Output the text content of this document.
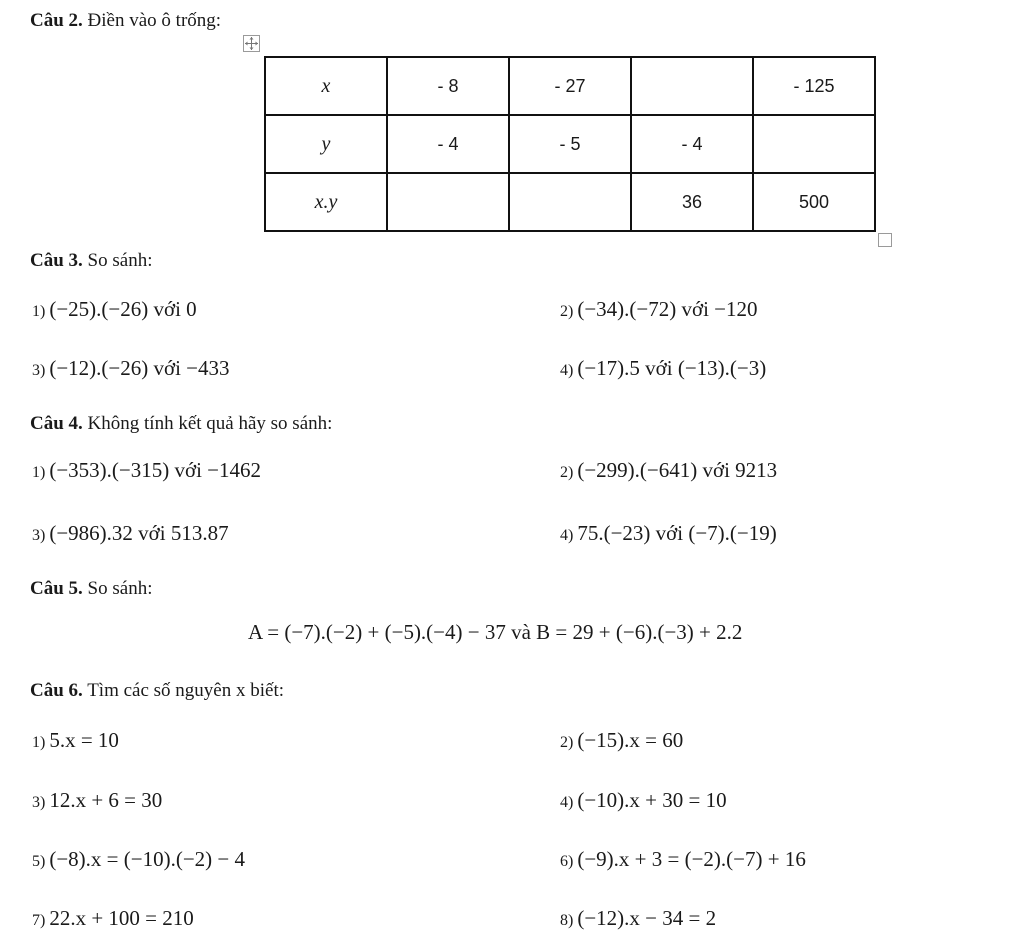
Câu 2. Điền vào ô trống:
x	- 8	- 27		- 125
y	- 4	- 5	- 4	
x.y			36	500
Câu 3. So sánh:
1) (−25).(−26) với 0	2) (−34).(−72) với −120
3) (−12).(−26) với −433	4) (−17).5 với (−13).(−3)
Câu 4. Không tính kết quả hãy so sánh:
1) (−353).(−315) với −1462	2) (−299).(−641) với 9213
3) (−986).32 với 513.87	4) 75.(−23) với (−7).(−19)
Câu 5. So sánh:
A = (−7).(−2) + (−5).(−4) − 37 và B = 29 + (−6).(−3) + 2.2
Câu 6. Tìm các số nguyên x biết:
1) 5.x = 10	2) (−15).x = 60
3) 12.x + 6 = 30	4) (−10).x + 30 = 10
5) (−8).x = (−10).(−2) − 4	6) (−9).x + 3 = (−2).(−7) + 16
7) 22.x + 100 = 210	8) (−12).x − 34 = 2
